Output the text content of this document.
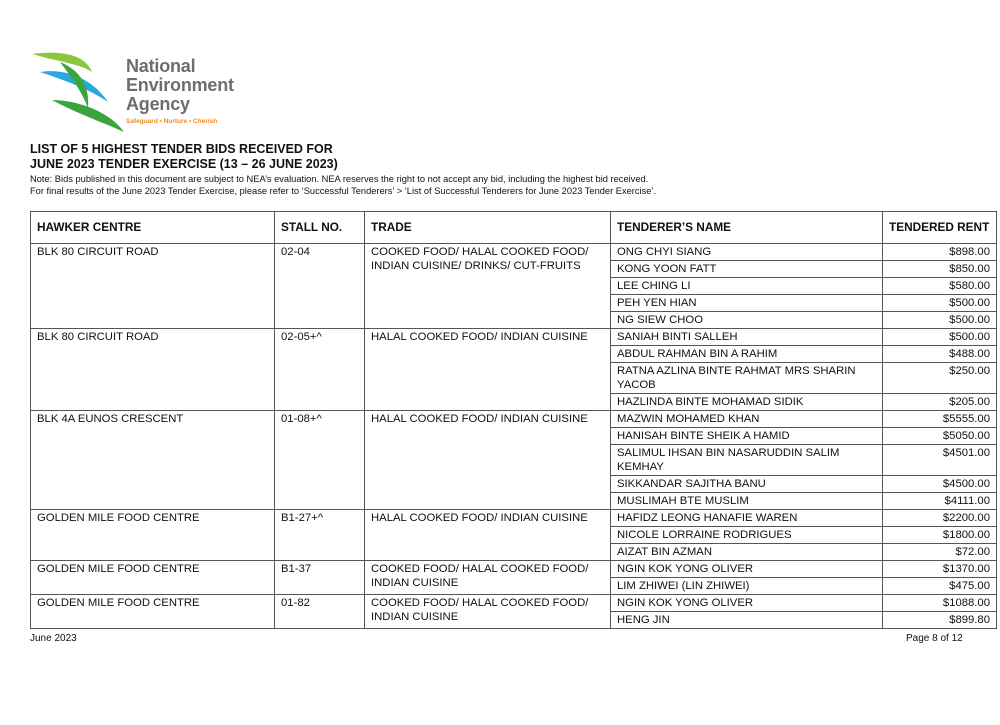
National
Environment
Agency
Safeguard • Nurture • Cherish
LIST OF 5 HIGHEST TENDER BIDS RECEIVED FOR
JUNE 2023 TENDER EXERCISE (13 – 26 JUNE 2023)
Note: Bids published in this document are subject to NEA’s evaluation. NEA reserves the right to not accept any bid, including the highest bid received.
For final results of the June 2023 Tender Exercise, please refer to ‘Successful Tenderers’ > ‘List of Successful Tenderers for June 2023 Tender Exercise’.
HAWKER CENTRE	STALL NO.	TRADE	TENDERER’S NAME	TENDERED RENT
BLK 80 CIRCUIT ROAD	02-04	COOKED FOOD/ HALAL COOKED FOOD/ INDIAN CUISINE/ DRINKS/ CUT-FRUITS	ONG CHYI SIANG	$898.00
			KONG YOON FATT	$850.00
			LEE CHING LI	$580.00
			PEH YEN HIAN	$500.00
			NG SIEW CHOO	$500.00
BLK 80 CIRCUIT ROAD	02-05+^	HALAL COOKED FOOD/ INDIAN CUISINE	SANIAH BINTI SALLEH	$500.00
			ABDUL RAHMAN BIN A RAHIM	$488.00
			RATNA AZLINA BINTE RAHMAT MRS SHARIN YACOB	$250.00
			HAZLINDA BINTE MOHAMAD SIDIK	$205.00
BLK 4A EUNOS CRESCENT	01-08+^	HALAL COOKED FOOD/ INDIAN CUISINE	MAZWIN MOHAMED KHAN	$5555.00
			HANISAH BINTE SHEIK A HAMID	$5050.00
			SALIMUL IHSAN BIN NASARUDDIN SALIM KEMHAY	$4501.00
			SIKKANDAR SAJITHA BANU	$4500.00
			MUSLIMAH BTE MUSLIM	$4111.00
GOLDEN MILE FOOD CENTRE	B1-27+^	HALAL COOKED FOOD/ INDIAN CUISINE	HAFIDZ LEONG HANAFIE WAREN	$2200.00
			NICOLE LORRAINE RODRIGUES	$1800.00
			AIZAT BIN AZMAN	$72.00
GOLDEN MILE FOOD CENTRE	B1-37	COOKED FOOD/ HALAL COOKED FOOD/ INDIAN CUISINE	NGIN KOK YONG OLIVER	$1370.00
			LIM ZHIWEI (LIN ZHIWEI)	$475.00
GOLDEN MILE FOOD CENTRE	01-82	COOKED FOOD/ HALAL COOKED FOOD/ INDIAN CUISINE	NGIN KOK YONG OLIVER	$1088.00
			HENG JIN	$899.80
June 2023	Page 8 of 12
